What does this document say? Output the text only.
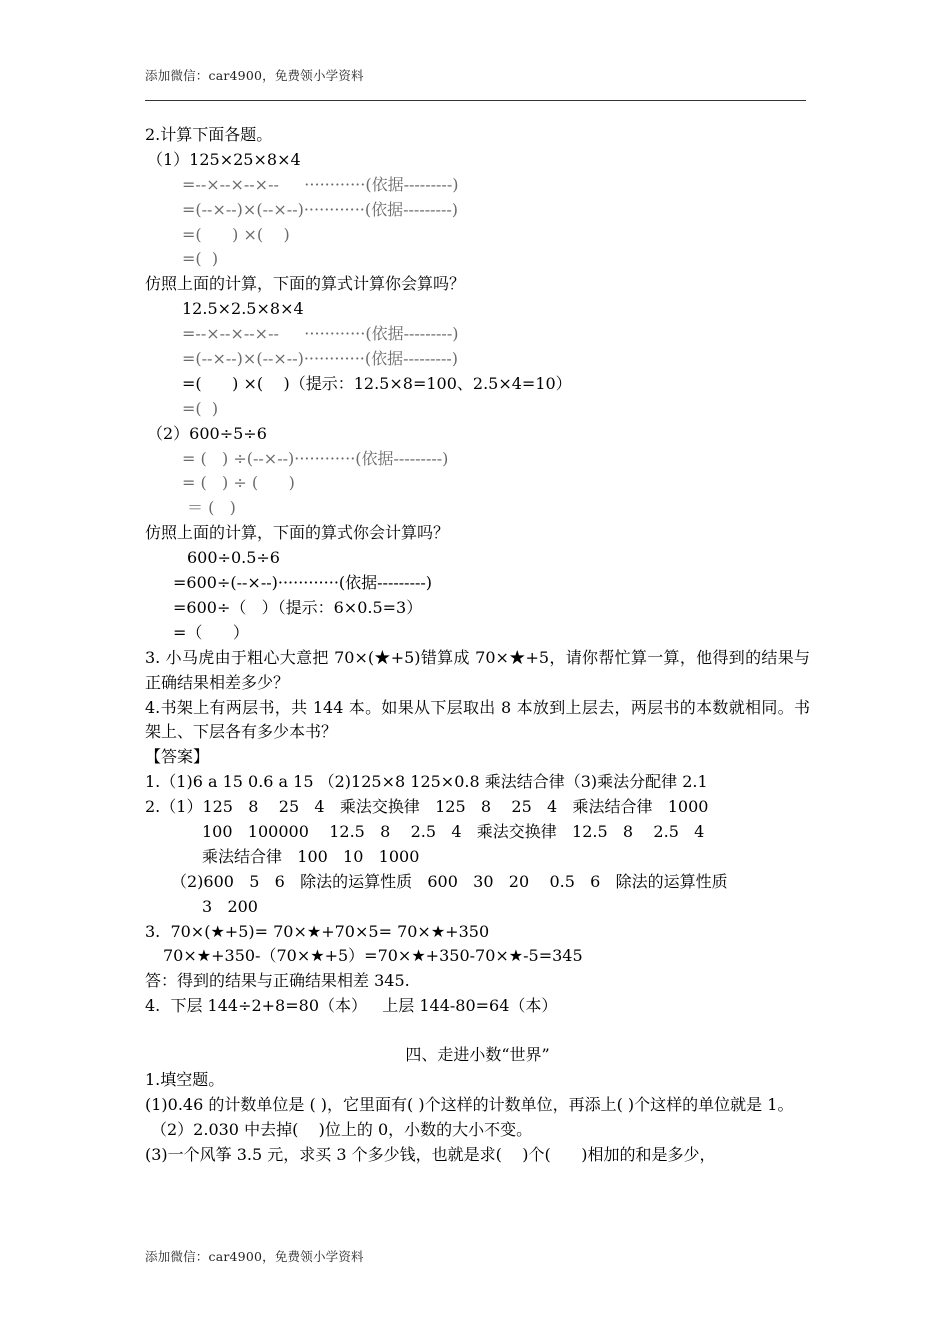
添加微信：car4900，免费领小学资料
2.计算下面各题。
（1）125×25×8×4
=--×--×--×--     ············(依据---------)
=(--×--)×(--×--)············(依据---------)
=(      ) ×(    )
=(  )
仿照上面的计算，下面的算式计算你会算吗？
12.5×2.5×8×4
=--×--×--×--     ············(依据---------)
=(--×--)×(--×--)············(依据---------)
=(      ) ×(    )（提示：12.5×8=100、2.5×4=10）
=(  )
（2）600÷5÷6
= (   ) ÷(--×--)············(依据---------)
= (   ) ÷ (      )
＝ (   )
仿照上面的计算，下面的算式你会计算吗？
600÷0.5÷6
=600÷(--×--)············(依据---------)
=600÷（   ）（提示：6×0.5=3）
=（      ）
3. 小马虎由于粗心大意把 70×(★+5)错算成 70×★+5，请你帮忙算一算，他得到的结果与正确结果相差多少？
4.书架上有两层书，共 144 本。如果从下层取出 8 本放到上层去，两层书的本数就相同。书架上、下层各有多少本书？
【答案】
1.（1)6 a 15 0.6 a 15 （2)125×8 125×0.8 乘法结合律（3)乘法分配律 2.1
2.（1）125   8    25   4   乘法交换律   125   8    25   4   乘法结合律   1000
100   100000    12.5   8    2.5   4   乘法交换律   12.5   8    2.5   4
乘法结合律   100   10   1000
（2)600   5   6   除法的运算性质   600   30   20    0.5   6   除法的运算性质
3   200
3.  70×(★+5)= 70×★+70×5= 70×★+350
70×★+350-（70×★+5）=70×★+350-70×★-5=345
答：得到的结果与正确结果相差 345.
4.  下层 144÷2+8=80（本）   上层 144-80=64（本）
四、走进小数“世界”
1.填空题。
(1)0.46 的计数单位是 ( )，它里面有( )个这样的计数单位，再添上( )个这样的单位就是 1。
（2）2.030 中去掉(    )位上的 0，小数的大小不变。
(3)一个风筝 3.5 元，求买 3 个多少钱，也就是求(    )个(      )相加的和是多少，
添加微信：car4900，免费领小学资料
